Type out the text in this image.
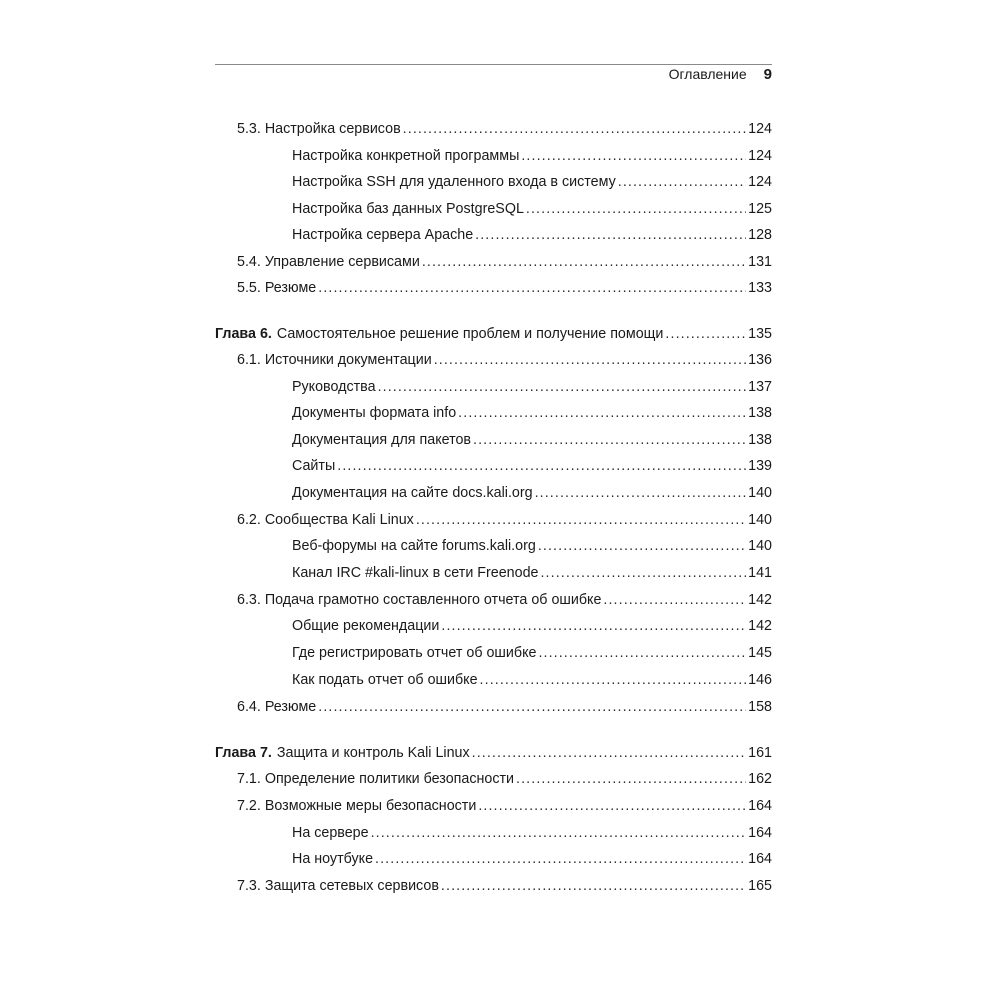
Оглавление 9
5.3. Настройка сервисов .....	124
Настройка конкретной программы .....	124
Настройка SSH для удаленного входа в систему .....	124
Настройка баз данных PostgreSQL .....	125
Настройка сервера Apache .....	128
5.4. Управление сервисами .....	131
5.5. Резюме .....	133
Глава 6. Самостоятельное решение проблем и получение помощи .....	135
6.1. Источники документации .....	136
Руководства .....	137
Документы формата info .....	138
Документация для пакетов .....	138
Сайты .....	139
Документация на сайте docs.kali.org .....	140
6.2. Сообщества Kali Linux .....	140
Веб-форумы на сайте forums.kali.org .....	140
Канал IRC #kali-linux в сети Freenode .....	141
6.3. Подача грамотно составленного отчета об ошибке .....	142
Общие рекомендации .....	142
Где регистрировать отчет об ошибке .....	145
Как подать отчет об ошибке .....	146
6.4. Резюме .....	158
Глава 7. Защита и контроль Kali Linux .....	161
7.1. Определение политики безопасности .....	162
7.2. Возможные меры безопасности .....	164
На сервере .....	164
На ноутбуке .....	164
7.3. Защита сетевых сервисов .....	165
